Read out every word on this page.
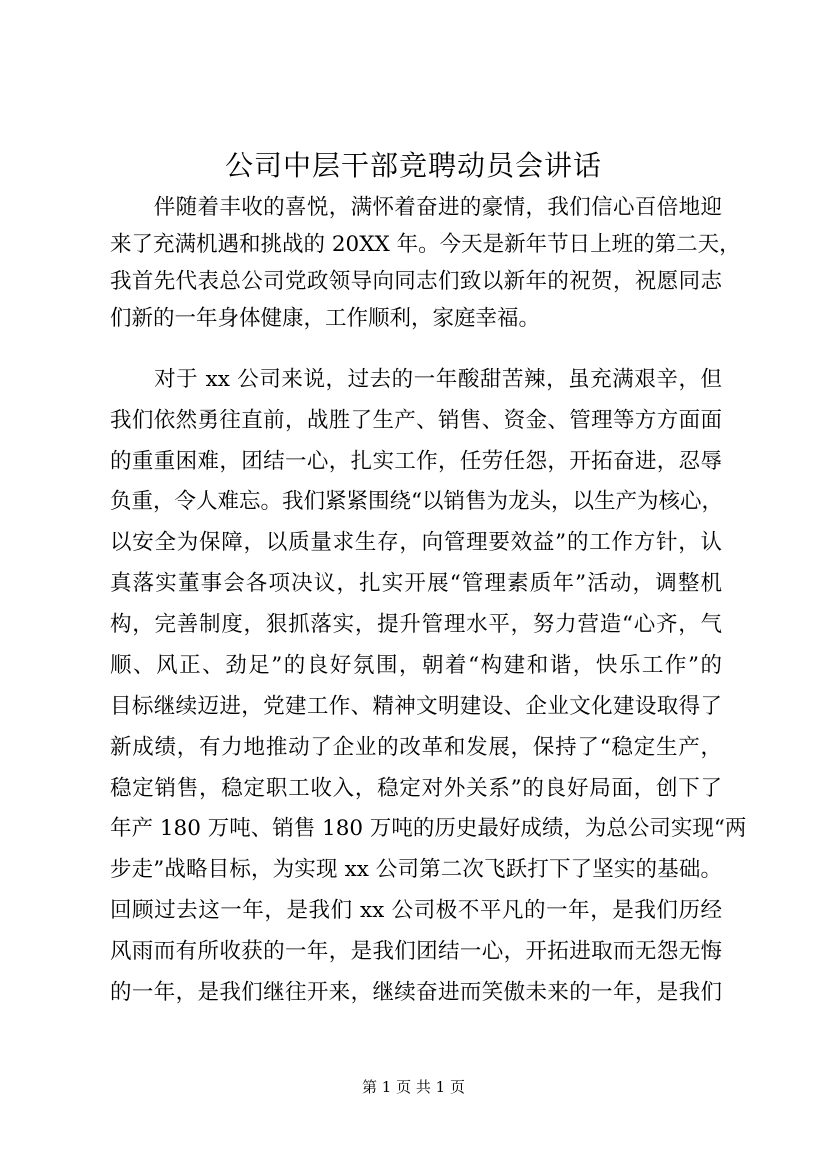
公司中层干部竞聘动员会讲话
　　伴随着丰收的喜悦，满怀着奋进的豪情，我们信心百倍地迎
来了充满机遇和挑战的 20XX 年。今天是新年节日上班的第二天，
我首先代表总公司党政领导向同志们致以新年的祝贺，祝愿同志
们新的一年身体健康，工作顺利，家庭幸福。
　　对于 xx 公司来说，过去的一年酸甜苦辣，虽充满艰辛，但
我们依然勇往直前，战胜了生产、销售、资金、管理等方方面面
的重重困难，团结一心，扎实工作，任劳任怨，开拓奋进，忍辱
负重，令人难忘。我们紧紧围绕“以销售为龙头，以生产为核心，
以安全为保障，以质量求生存，向管理要效益”的工作方针，认
真落实董事会各项决议，扎实开展“管理素质年”活动，调整机
构，完善制度，狠抓落实，提升管理水平，努力营造“心齐，气
顺、风正、劲足”的良好氛围，朝着“构建和谐，快乐工作”的
目标继续迈进，党建工作、精神文明建设、企业文化建设取得了
新成绩，有力地推动了企业的改革和发展，保持了“稳定生产，
稳定销售，稳定职工收入，稳定对外关系”的良好局面，创下了
年产 180 万吨、销售 180 万吨的历史最好成绩，为总公司实现“两
步走”战略目标，为实现 xx 公司第二次飞跃打下了坚实的基础。
回顾过去这一年，是我们 xx 公司极不平凡的一年，是我们历经
风雨而有所收获的一年，是我们团结一心，开拓进取而无怨无悔
的一年，是我们继往开来，继续奋进而笑傲未来的一年，是我们
第 1 页 共 1 页
